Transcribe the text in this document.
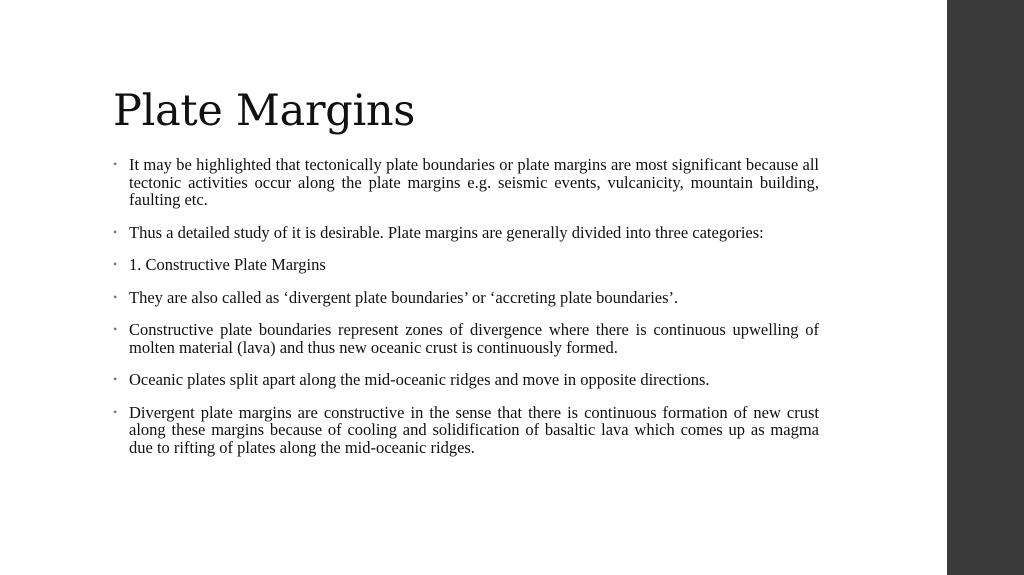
Plate Margins
• It may be highlighted that tectonically plate boundaries or plate margins are most significant because all tectonic activities occur along the plate margins e.g. seismic events, vulcanicity, mountain building, faulting etc.
• Thus a detailed study of it is desirable. Plate margins are generally divided into three categories:
• 1. Constructive Plate Margins
• They are also called as ‘divergent plate boundaries’ or ‘accreting plate boundaries’.
• Constructive plate boundaries represent zones of divergence where there is continuous upwelling of molten material (lava) and thus new oceanic crust is continuously formed.
• Oceanic plates split apart along the mid-oceanic ridges and move in opposite directions.
• Divergent plate margins are constructive in the sense that there is continuous formation of new crust along these margins because of cooling and solidification of basaltic lava which comes up as magma due to rifting of plates along the mid-oceanic ridges.
